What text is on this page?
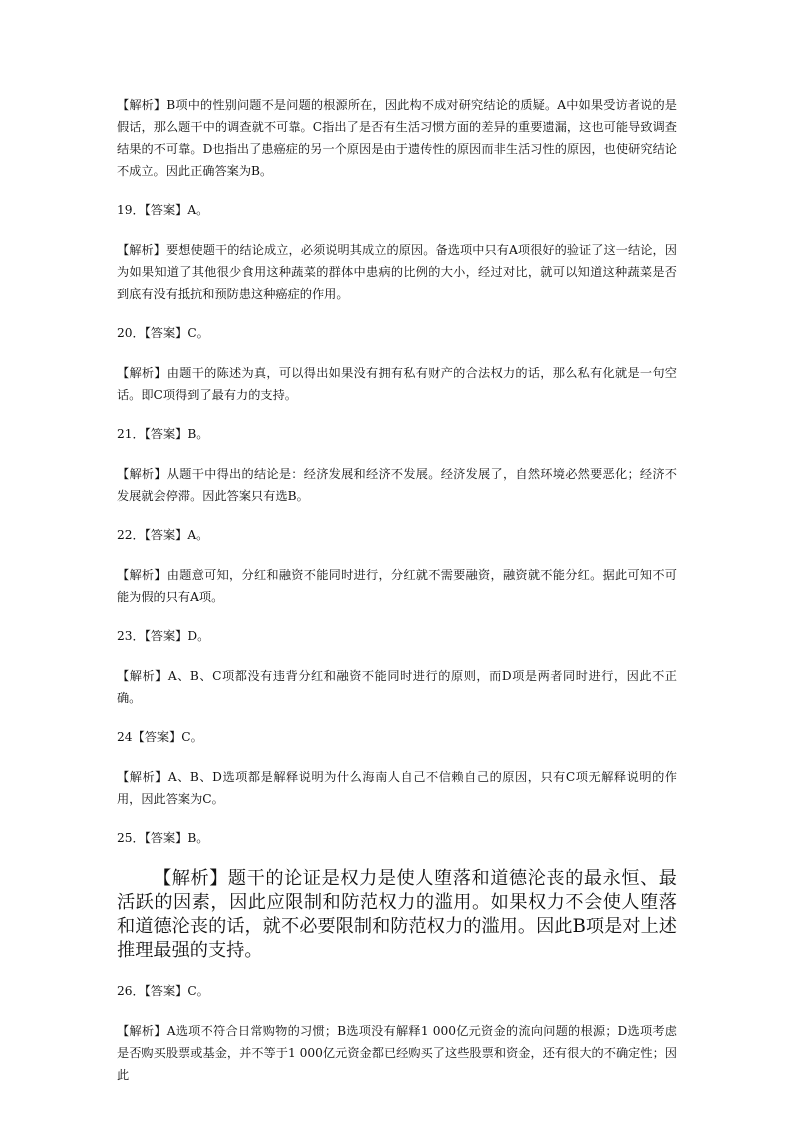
【解析】B项中的性别问题不是问题的根源所在，因此构不成对研究结论的质疑。A中如果受访者说的是假话，那么题干中的调查就不可靠。C指出了是否有生活习惯方面的差异的重要遗漏，这也可能导致调查结果的不可靠。D也指出了患癌症的另一个原因是由于遗传性的原因而非生活习性的原因，也使研究结论不成立。因此正确答案为B。

19．【答案】A。

【解析】要想使题干的结论成立，必须说明其成立的原因。备选项中只有A项很好的验证了这一结论，因为如果知道了其他很少食用这种蔬菜的群体中患病的比例的大小，经过对比，就可以知道这种蔬菜是否到底有没有抵抗和预防患这种癌症的作用。

20．【答案】C。

【解析】由题干的陈述为真，可以得出如果没有拥有私有财产的合法权力的话，那么私有化就是一句空话。即C项得到了最有力的支持。

21．【答案】B。

【解析】从题干中得出的结论是：经济发展和经济不发展。经济发展了，自然环境必然要恶化；经济不发展就会停滞。因此答案只有选B。

22．【答案】A。

【解析】由题意可知，分红和融资不能同时进行，分红就不需要融资，融资就不能分红。据此可知不可能为假的只有A项。

23．【答案】D。

【解析】A、B、C项都没有违背分红和融资不能同时进行的原则，而D项是两者同时进行，因此不正确。

24【答案】C。

【解析】A、B、D选项都是解释说明为什么海南人自己不信赖自己的原因，只有C项无解释说明的作用，因此答案为C。

25．【答案】B。

【解析】题干的论证是权力是使人堕落和道德沦丧的最永恒、最活跃的因素，因此应限制和防范权力的滥用。如果权力不会使人堕落和道德沦丧的话，就不必要限制和防范权力的滥用。因此B项是对上述推理最强的支持。

26．【答案】C。

【解析】A选项不符合日常购物的习惯；B选项没有解释1 000亿元资金的流向问题的根源；D选项考虑是否购买股票或基金，并不等于1 000亿元资金都已经购买了这些股票和资金，还有很大的不确定性；因此
